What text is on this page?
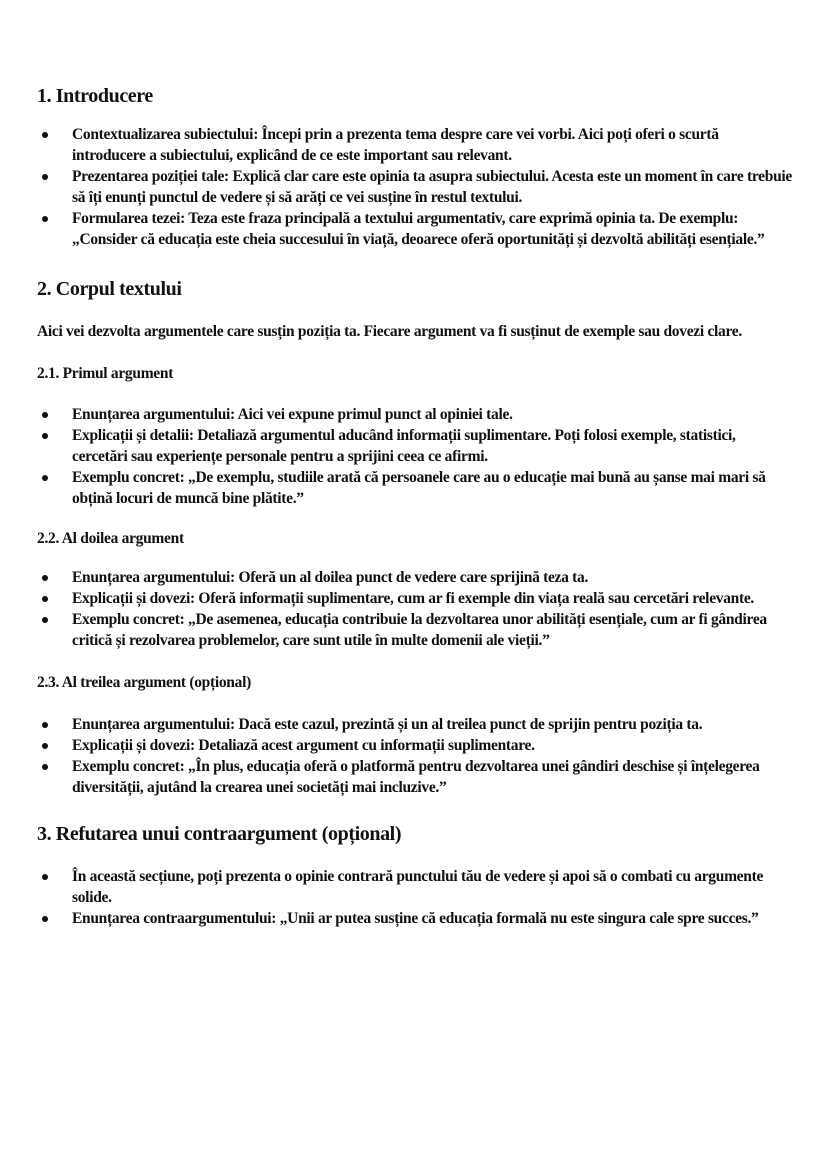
1. Introducere
Contextualizarea subiectului: Începi prin a prezenta tema despre care vei vorbi. Aici poți oferi o scurtă introducere a subiectului, explicând de ce este important sau relevant.
Prezentarea poziției tale: Explică clar care este opinia ta asupra subiectului. Acesta este un moment în care trebuie să îți enunți punctul de vedere și să arăți ce vei susține în restul textului.
Formularea tezei: Teza este fraza principală a textului argumentativ, care exprimă opinia ta. De exemplu: „Consider că educația este cheia succesului în viață, deoarece oferă oportunități și dezvoltă abilități esențiale.”
2. Corpul textului

Aici vei dezvolta argumentele care susțin poziția ta. Fiecare argument va fi susținut de exemple sau dovezi clare.

2.1. Primul argument
Enunțarea argumentului: Aici vei expune primul punct al opiniei tale.
Explicații și detalii: Detaliază argumentul aducând informații suplimentare. Poți folosi exemple, statistici, cercetări sau experiențe personale pentru a sprijini ceea ce afirmi.
Exemplu concret: „De exemplu, studiile arată că persoanele care au o educație mai bună au șanse mai mari să obțină locuri de muncă bine plătite.”
2.2. Al doilea argument
Enunțarea argumentului: Oferă un al doilea punct de vedere care sprijină teza ta.
Explicații și dovezi: Oferă informații suplimentare, cum ar fi exemple din viața reală sau cercetări relevante.
Exemplu concret: „De asemenea, educația contribuie la dezvoltarea unor abilități esențiale, cum ar fi gândirea critică și rezolvarea problemelor, care sunt utile în multe domenii ale vieții.”
2.3. Al treilea argument (opțional)
Enunțarea argumentului: Dacă este cazul, prezintă și un al treilea punct de sprijin pentru poziția ta.
Explicații și dovezi: Detaliază acest argument cu informații suplimentare.
Exemplu concret: „În plus, educația oferă o platformă pentru dezvoltarea unei gândiri deschise și înțelegerea diversității, ajutând la crearea unei societăți mai incluzive.”
3. Refutarea unui contraargument (opțional)
În această secțiune, poți prezenta o opinie contrară punctului tău de vedere și apoi să o combati cu argumente solide.
Enunțarea contraargumentului: „Unii ar putea susține că educația formală nu este singura cale spre succes.”
